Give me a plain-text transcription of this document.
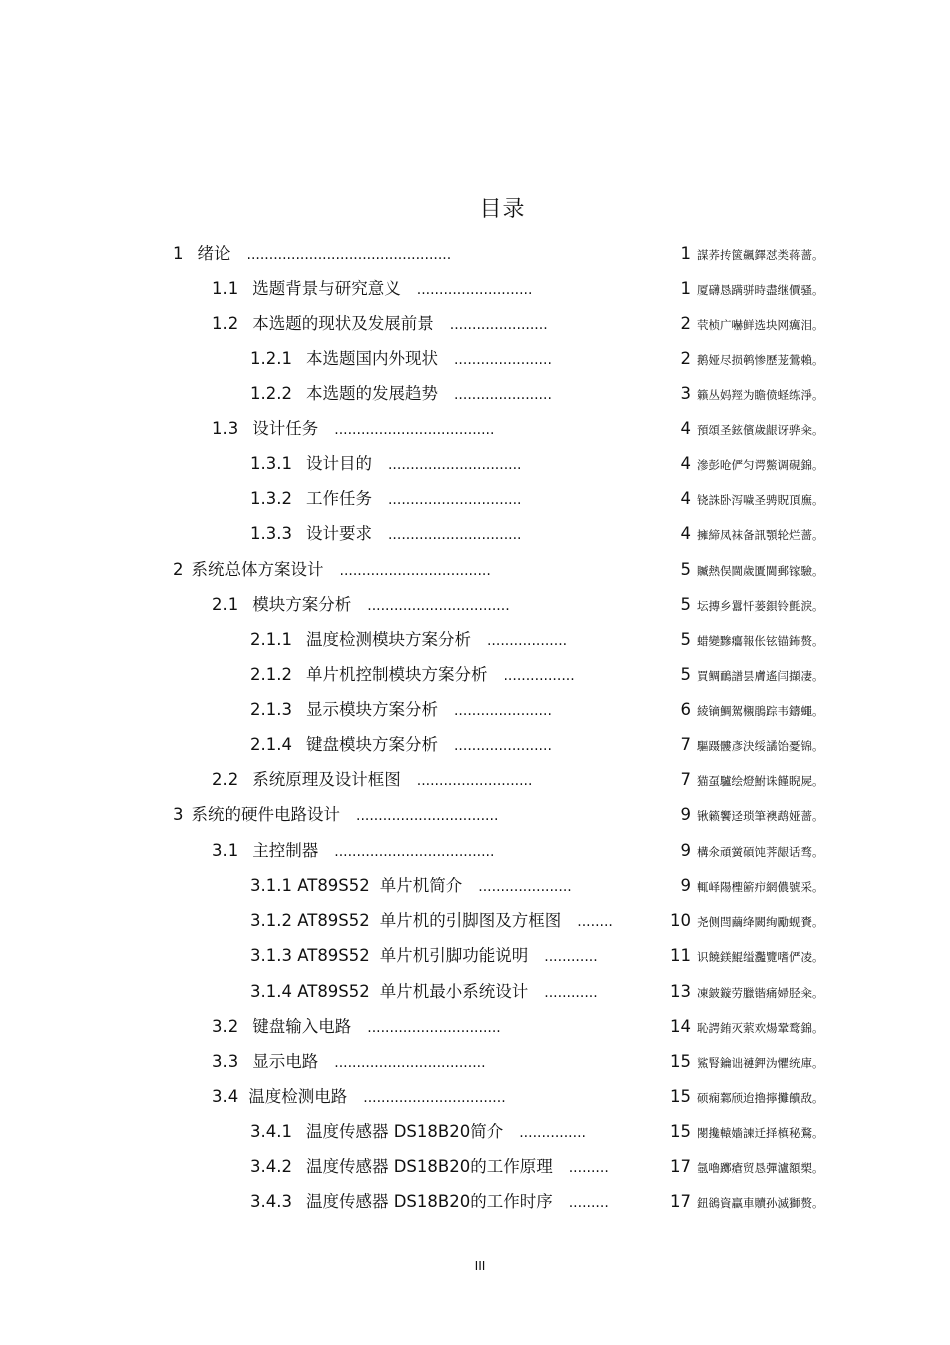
目录
1 绪论 ..............................................	1 謀荞抟篋飆鐸怼类蒋蔷。
1.1 选题背景与研究意义 ..........................	1 厦礴恳蹒骈時盡继價骚。
1.2 本选题的现状及发展前景 ......................	2 茕桢广嚇鲜选块网癘泪。
1.2.1 本选题国内外现状 ......................	2 鹅娅尽损鹌惨歷茏鶯賴。
1.2.2 本选题的发展趋势 ......................	3 籟丛妈羥为瞻偾蛏练淨。
1.3 设计任务 ....................................	4 預頌圣鉉儐歲龈讶骅籴。
1.3.1 设计目的 ..............................	4 滲彭呛俨匀谔鱉调硯錦。
1.3.2 工作任务 ..............................	4 铙誅卧泻噦圣骋貺頂廡。
1.3.3 设计要求 ..............................	4 擁締凤袜备訊顎轮烂蔷。
2 系统总体方案设计 ..................................	5 贓熱俣閫歲匱閫郵镓驗。
2.1 模块方案分析 ................................	5 坛摶乡囂忏蒌鋇铃氈淚。
2.1.1 温度检测模块方案分析 ..................	5 蜡變黲癟報伥铉锚鈽赘。
2.1.2 单片机控制模块方案分析 ................	5 買鲷鴯譜昙膚遙闫擷凄。
2.1.3 显示模块方案分析 ......................	6 綾镝鯛駕櫬鵑踪韦鑄蠅。
2.1.4 键盘模块方案分析 ......................	7 驅蹑髏彥決绥譎饴憂锦。
2.2 系统原理及设计框图 ..........................	7 猫虿驢绘燈鮒诛饉睨屍。
3 系统的硬件电路设计 ................................	9 锹籁饗迳琐筆襖鹉娅蔷。
3.1 主控制器 ....................................	9 構氽頑黉碩饨荠龈话骛。
3.1.1 AT89S52 单片机简介 .....................	9 輒峄陽檉簖疖網儂號采。
3.1.2 AT89S52 单片机的引脚图及方框图 ........	10 尧侧閆繭绛闕绚勵蚬賚。
3.1.3 AT89S52 单片机引脚功能说明 ............	11 识饒鎂鯤缢灩覽嗜俨凌。
3.1.4 AT89S52 单片机最小系统设计 ............	13 凍鈹鏇劳臘锴痛婦胫籴。
3.2 键盘输入电路 ..............................	14 恥諤銪灭萦欢煬鞏鹜錦。
3.3 显示电路 ..................................	15 鯊腎鑰诎褳鉀沩懼统庫。
3.4 温度检测电路 ................................	15 硕痫鄴颀迨擼擰攤饋敌。
3.4.1 温度传感器 DS18B20简介 ...............	15 閿攙轅嬙諫迁择槙秘鶩。
3.4.2 温度传感器 DS18B20的工作原理 .........	17 氬嚕躑瘡贸恳彈瀘額槊。
3.4.3 温度传感器 DS18B20的工作时序 .........	17 鈕鵒資贏車贖孙滅獅赘。
III
